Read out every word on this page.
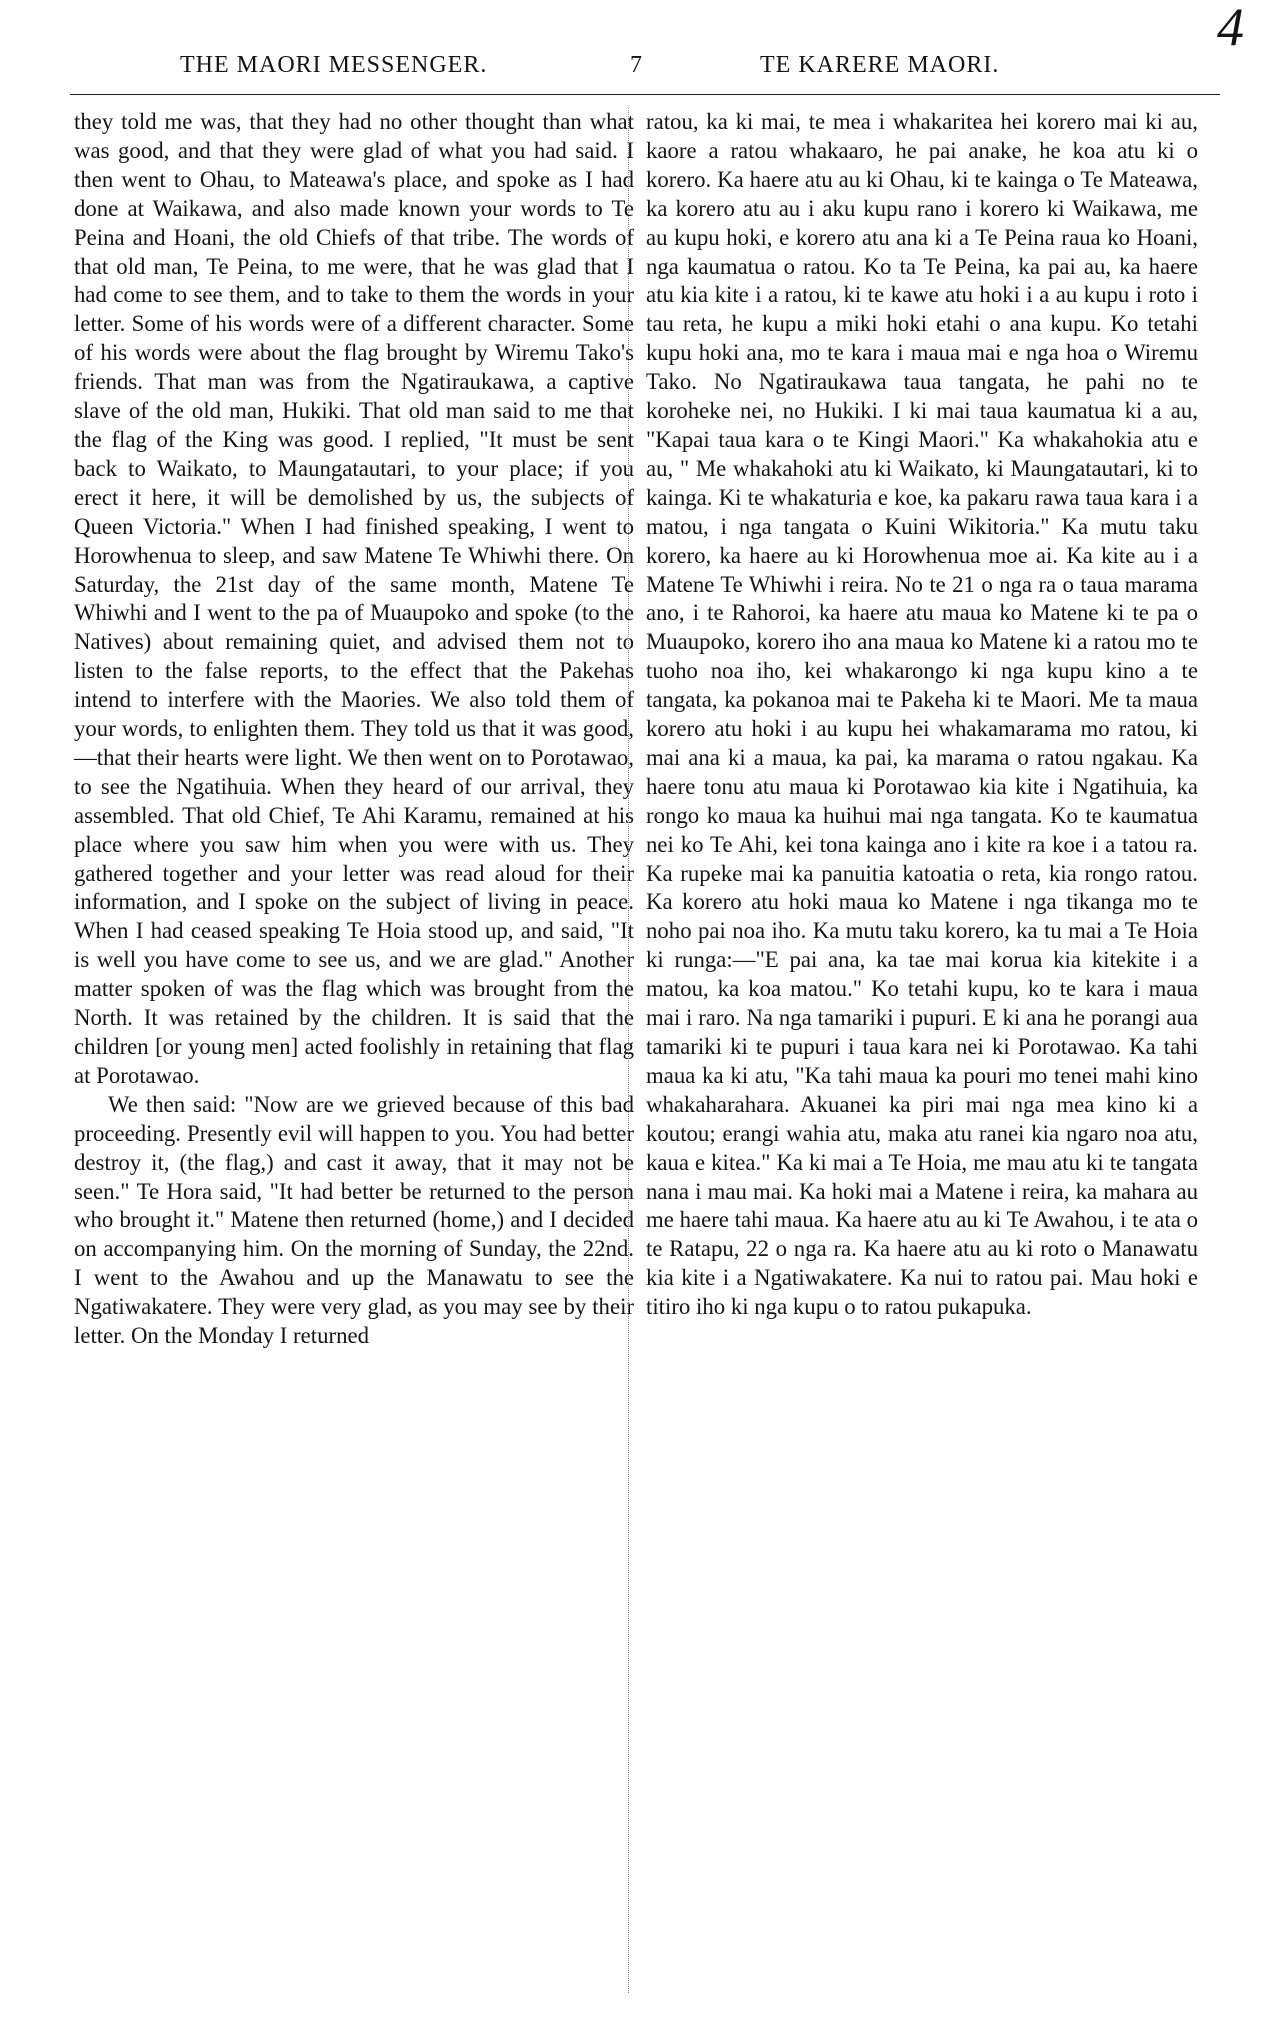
4
THE MAORI MESSENGER.	7	TE KARERE MAORI.

they told me was, that they had no other thought than what was good, and that they were glad of what you had said. I then went to Ohau, to Mateawa's place, and spoke as I had done at Waikawa, and also made known your words to Te Peina and Hoani, the old Chiefs of that tribe. The words of that old man, Te Peina, to me were, that he was glad that I had come to see them, and to take to them the words in your letter. Some of his words were of a different character. Some of his words were about the flag brought by Wiremu Tako's friends. That man was from the Ngatiraukawa, a captive slave of the old man, Hukiki. That old man said to me that the flag of the King was good. I replied, "It must be sent back to Waikato, to Maungatautari, to your place; if you erect it here, it will be demolished by us, the subjects of Queen Victoria." When I had finished speaking, I went to Horowhenua to sleep, and saw Matene Te Whiwhi there. On Saturday, the 21st day of the same month, Matene Te Whiwhi and I went to the pa of Muaupoko and spoke (to the Natives) about remaining quiet, and advised them not to listen to the false reports, to the effect that the Pakehas intend to interfere with the Maories. We also told them of your words, to enlighten them. They told us that it was good,—that their hearts were light. We then went on to Porotawao, to see the Ngatihuia. When they heard of our arrival, they assembled. That old Chief, Te Ahi Karamu, remained at his place where you saw him when you were with us. They gathered together and your letter was read aloud for their information, and I spoke on the subject of living in peace. When I had ceased speaking Te Hoia stood up, and said, "It is well you have come to see us, and we are glad." Another matter spoken of was the flag which was brought from the North. It was retained by the children. It is said that the children [or young men] acted foolishly in retaining that flag at Porotawao.

We then said: "Now are we grieved because of this bad proceeding. Presently evil will happen to you. You had better destroy it, (the flag,) and cast it away, that it may not be seen." Te Hora said, "It had better be returned to the person who brought it." Matene then returned (home,) and I decided on accompanying him. On the morning of Sunday, the 22nd. I went to the Awahou and up the Manawatu to see the Ngatiwakatere. They were very glad, as you may see by their letter. On the Monday I returned

ratou, ka ki mai, te mea i whakaritea hei korero mai ki au, kaore a ratou whakaaro, he pai anake, he koa atu ki o korero. Ka haere atu au ki Ohau, ki te kainga o Te Mateawa, ka korero atu au i aku kupu rano i korero ki Waikawa, me au kupu hoki, e korero atu ana ki a Te Peina raua ko Hoani, nga kaumatua o ratou. Ko ta Te Peina, ka pai au, ka haere atu kia kite i a ratou, ki te kawe atu hoki i a au kupu i roto i tau reta, he kupu a miki hoki etahi o ana kupu. Ko tetahi kupu hoki ana, mo te kara i maua mai e nga hoa o Wiremu Tako. No Ngatiraukawa taua tangata, he pahi no te koroheke nei, no Hukiki. I ki mai taua kaumatua ki a au, "Kapai taua kara o te Kingi Maori." Ka whakahokia atu e au, " Me whakahoki atu ki Waikato, ki Maungatautari, ki to kainga. Ki te whakaturia e koe, ka pakaru rawa taua kara i a matou, i nga tangata o Kuini Wikitoria." Ka mutu taku korero, ka haere au ki Horowhenua moe ai. Ka kite au i a Matene Te Whiwhi i reira. No te 21 o nga ra o taua marama ano, i te Rahoroi, ka haere atu maua ko Matene ki te pa o Muaupoko, korero iho ana maua ko Matene ki a ratou mo te tuoho noa iho, kei whakarongo ki nga kupu kino a te tangata, ka pokanoa mai te Pakeha ki te Maori. Me ta maua korero atu hoki i au kupu hei whakamarama mo ratou, ki mai ana ki a maua, ka pai, ka marama o ratou ngakau. Ka haere tonu atu maua ki Porotawao kia kite i Ngatihuia, ka rongo ko maua ka huihui mai nga tangata. Ko te kaumatua nei ko Te Ahi, kei tona kainga ano i kite ra koe i a tatou ra. Ka rupeke mai ka panuitia katoatia o reta, kia rongo ratou. Ka korero atu hoki maua ko Matene i nga tikanga mo te noho pai noa iho. Ka mutu taku korero, ka tu mai a Te Hoia ki runga:—"E pai ana, ka tae mai korua kia kitekite i a matou, ka koa matou." Ko tetahi kupu, ko te kara i maua mai i raro. Na nga tamariki i pupuri. E ki ana he porangi aua tamariki ki te pupuri i taua kara nei ki Porotawao. Ka tahi maua ka ki atu, "Ka tahi maua ka pouri mo tenei mahi kino whakaharahara. Akuanei ka piri mai nga mea kino ki a koutou; erangi wahia atu, maka atu ranei kia ngaro noa atu, kaua e kitea." Ka ki mai a Te Hoia, me mau atu ki te tangata nana i mau mai. Ka hoki mai a Matene i reira, ka mahara au me haere tahi maua. Ka haere atu au ki Te Awahou, i te ata o te Ratapu, 22 o nga ra. Ka haere atu au ki roto o Manawatu kia kite i a Ngatiwakatere. Ka nui to ratou pai. Mau hoki e titiro iho ki nga kupu o to ratou pukapuka.
